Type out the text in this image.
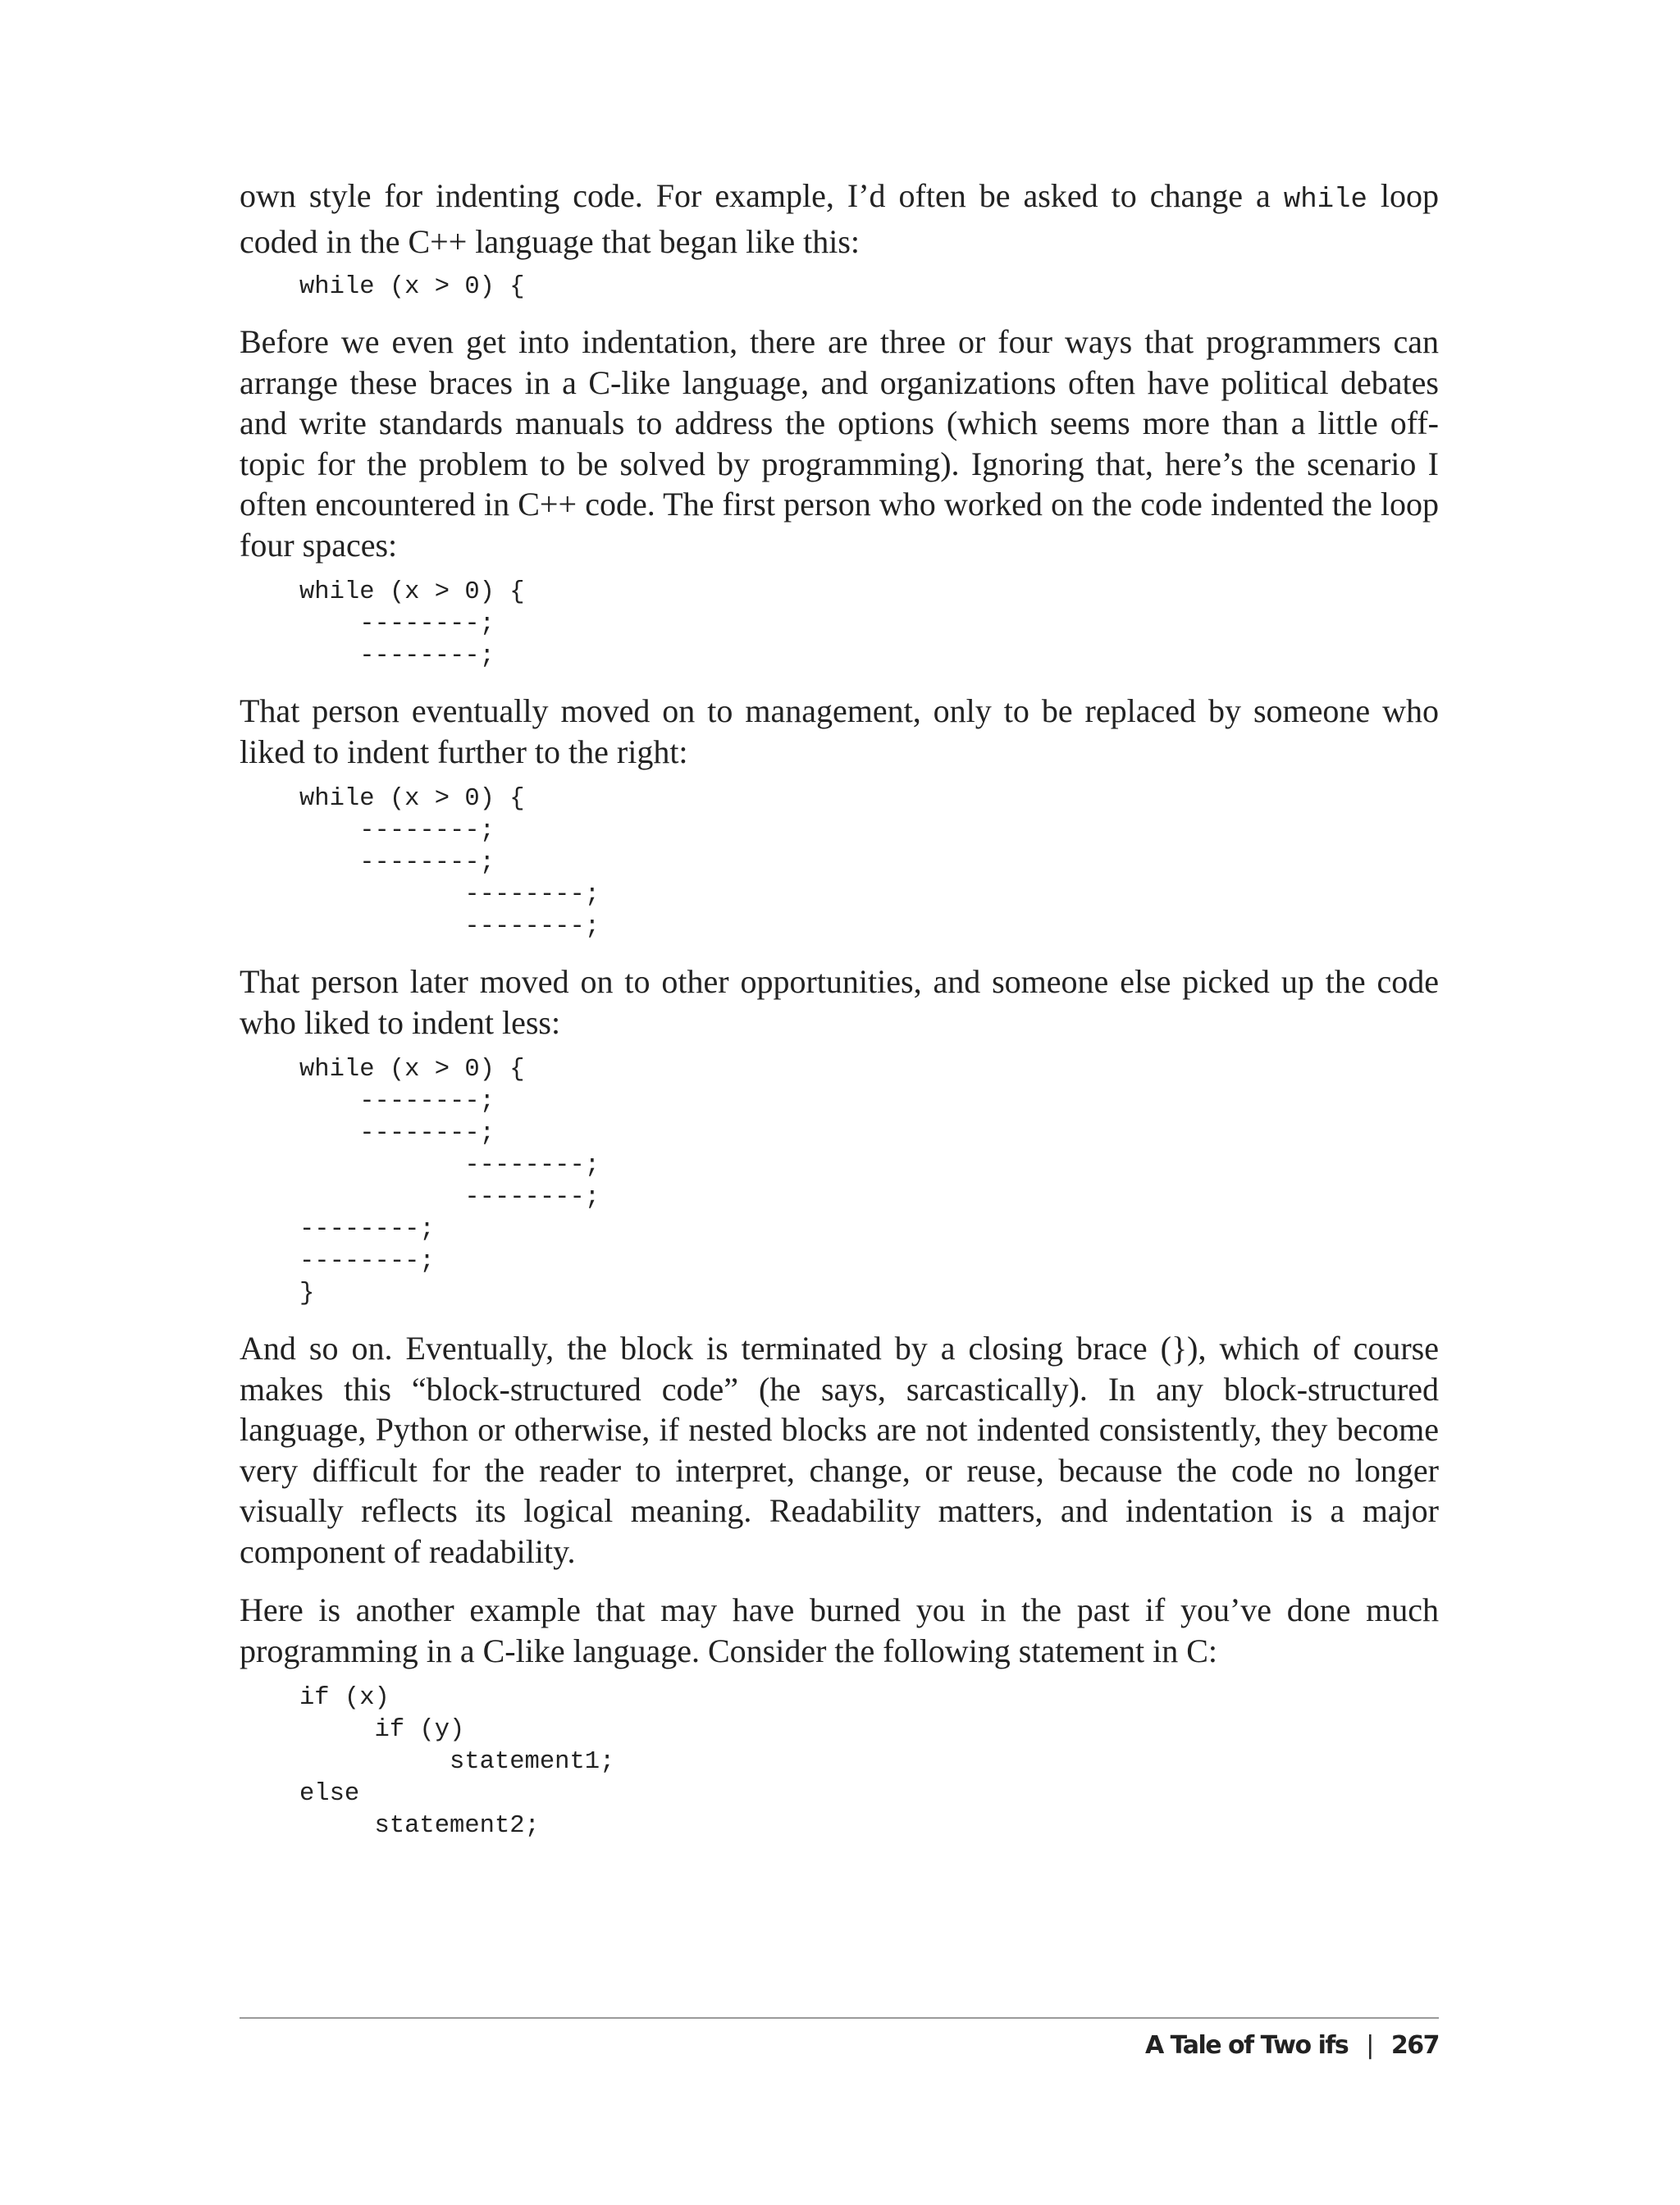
own style for indenting code. For example, I’d often be asked to change a while loop coded in the C++ language that began like this:

while (x > 0) {

Before we even get into indentation, there are three or four ways that programmers can arrange these braces in a C-like language, and organizations often have political debates and write standards manuals to address the options (which seems more than a little off-topic for the problem to be solved by programming). Ignoring that, here’s the scenario I often encountered in C++ code. The first person who worked on the code indented the loop four spaces:

while (x > 0) {
--------;
--------;

That person eventually moved on to management, only to be replaced by someone who liked to indent further to the right:

while (x > 0) {
--------;
--------;
--------;
--------;

That person later moved on to other opportunities, and someone else picked up the code who liked to indent less:

while (x > 0) {
--------;
--------;
--------;
--------;
--------;
--------;
}

And so on. Eventually, the block is terminated by a closing brace (}), which of course makes this “block-structured code” (he says, sarcastically). In any block-structured language, Python or otherwise, if nested blocks are not indented consistently, they become very difficult for the reader to interpret, change, or reuse, because the code no longer visually reflects its logical meaning. Readability matters, and indentation is a major component of readability.

Here is another example that may have burned you in the past if you’ve done much programming in a C-like language. Consider the following statement in C:

if (x)
if (y)
statement1;
else
statement2;
A Tale of Two ifs | 267
